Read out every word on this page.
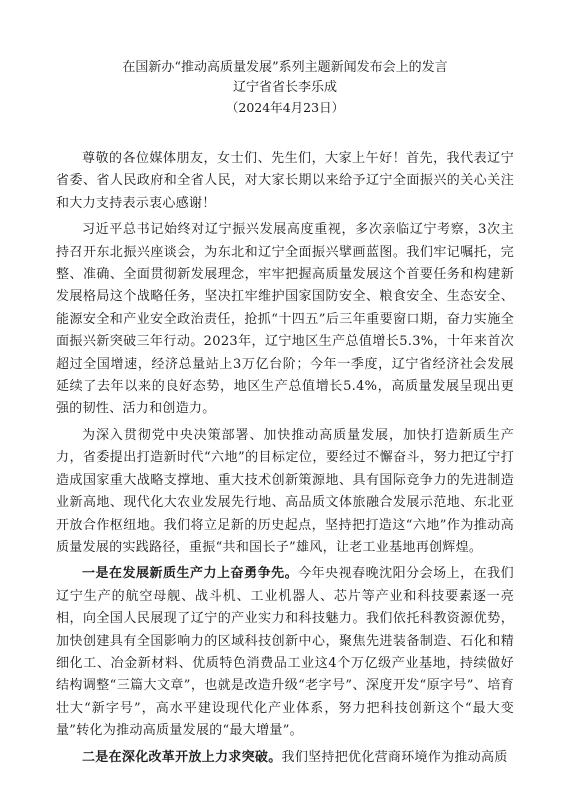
在国新办“推动高质量发展”系列主题新闻发布会上的发言

辽宁省省长李乐成

（2024年4月23日）

尊敬的各位媒体朋友，女士们、先生们，大家上午好！首先，我代表辽宁省委、省人民政府和全省人民，对大家长期以来给予辽宁全面振兴的关心关注和大力支持表示衷心感谢！

习近平总书记始终对辽宁振兴发展高度重视，多次亲临辽宁考察，3次主持召开东北振兴座谈会，为东北和辽宁全面振兴擘画蓝图。我们牢记嘱托，完整、准确、全面贯彻新发展理念，牢牢把握高质量发展这个首要任务和构建新发展格局这个战略任务，坚决扛牢维护国家国防安全、粮食安全、生态安全、能源安全和产业安全政治责任，抢抓“十四五”后三年重要窗口期，奋力实施全面振兴新突破三年行动。2023年，辽宁地区生产总值增长5.3%，十年来首次超过全国增速，经济总量站上3万亿台阶；今年一季度，辽宁省经济社会发展延续了去年以来的良好态势，地区生产总值增长5.4%，高质量发展呈现出更强的韧性、活力和创造力。

为深入贯彻党中央决策部署、加快推动高质量发展，加快打造新质生产力，省委提出打造新时代“六地”的目标定位，要经过不懈奋斗，努力把辽宁打造成国家重大战略支撑地、重大技术创新策源地、具有国际竞争力的先进制造业新高地、现代化大农业发展先行地、高品质文体旅融合发展示范地、东北亚开放合作枢纽地。我们将立足新的历史起点，坚持把打造这“六地”作为推动高质量发展的实践路径，重振“共和国长子”雄风，让老工业基地再创辉煌。

一是在发展新质生产力上奋勇争先。今年央视春晚沈阳分会场上，在我们辽宁生产的航空母舰、战斗机、工业机器人、芯片等产业和科技要素逐一亮相，向全国人民展现了辽宁的产业实力和科技魅力。我们依托科教资源优势，加快创建具有全国影响力的区域科技创新中心，聚焦先进装备制造、石化和精细化工、冶金新材料、优质特色消费品工业这4个万亿级产业基地，持续做好结构调整“三篇大文章”，也就是改造升级“老字号”、深度开发“原字号”、培育壮大“新字号”，高水平建设现代化产业体系，努力把科技创新这个“最大变量”转化为推动高质量发展的“最大增量”。

二是在深化改革开放上力求突破。我们坚持把优化营商环境作为推动高质
